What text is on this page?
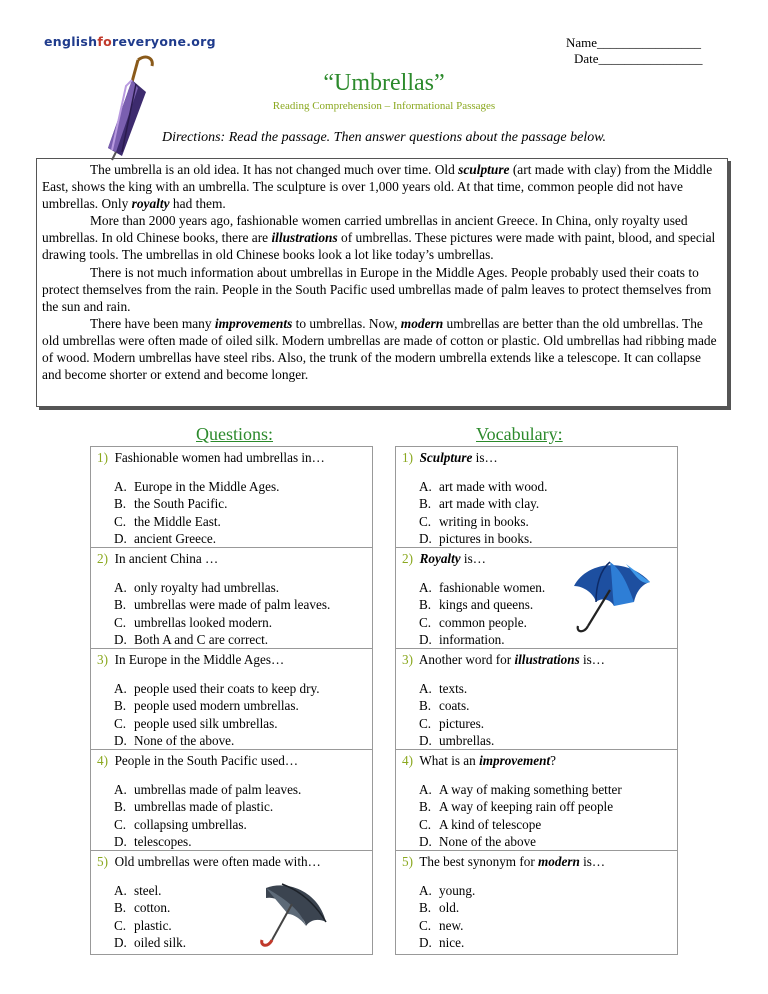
englishforeveryone.org	Name________________
Date________________
“Umbrellas”
Reading Comprehension – Informational Passages
Directions: Read the passage. Then answer questions about the passage below.

The umbrella is an old idea. It has not changed much over time. Old sculpture (art made with clay) from the Middle East, shows the king with an umbrella. The sculpture is over 1,000 years old. At that time, common people did not have umbrellas. Only royalty had them.

More than 2000 years ago, fashionable women carried umbrellas in ancient Greece. In China, only royalty used umbrellas. In old Chinese books, there are illustrations of umbrellas. These pictures were made with paint, blood, and special drawing tools. The umbrellas in old Chinese books look a lot like today’s umbrellas.

There is not much information about umbrellas in Europe in the Middle Ages. People probably used their coats to protect themselves from the rain. People in the South Pacific used umbrellas made of palm leaves to protect themselves from the sun and rain.

There have been many improvements to umbrellas. Now, modern umbrellas are better than the old umbrellas. The old umbrellas were often made of oiled silk. Modern umbrellas are made of cotton or plastic. Old umbrellas had ribbing made of wood. Modern umbrellas have steel ribs. Also, the trunk of the modern umbrella extends like a telescope. It can collapse and become shorter or extend and become longer.

Questions:	Vocabulary:
1) Fashionable women had umbrellas in…
A. Europe in the Middle Ages.
B. the South Pacific.
C. the Middle East.
D. ancient Greece.
2) In ancient China …
A. only royalty had umbrellas.
B. umbrellas were made of palm leaves.
C. umbrellas looked modern.
D. Both A and C are correct.
3) In Europe in the Middle Ages…
A. people used their coats to keep dry.
B. people used modern umbrellas.
C. people used silk umbrellas.
D. None of the above.
4) People in the South Pacific used…
A. umbrellas made of palm leaves.
B. umbrellas made of plastic.
C. collapsing umbrellas.
D. telescopes.
5) Old umbrellas were often made with…
A. steel.
B. cotton.
C. plastic.
D. oiled silk.
1) Sculpture is…
A. art made with wood.
B. art made with clay.
C. writing in books.
D. pictures in books.
2) Royalty is…
A. fashionable women.
B. kings and queens.
C. common people.
D. information.
3) Another word for illustrations is…
A. texts.
B. coats.
C. pictures.
D. umbrellas.
4) What is an improvement?
A. A way of making something better
B. A way of keeping rain off people
C. A kind of telescope
D. None of the above
5) The best synonym for modern is…
A. young.
B. old.
C. new.
D. nice.
